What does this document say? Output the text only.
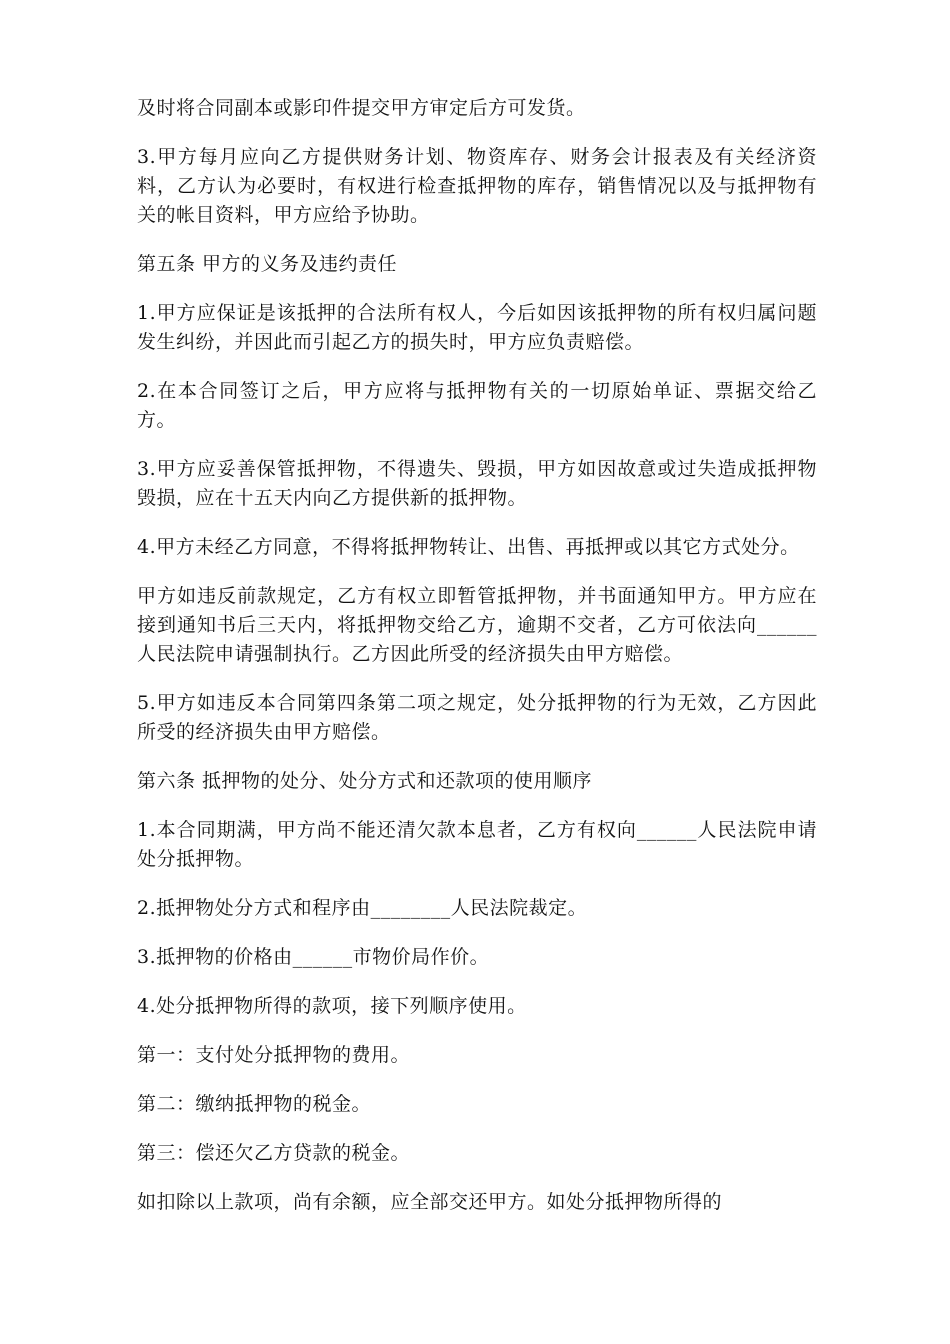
及时将合同副本或影印件提交甲方审定后方可发货。

3.甲方每月应向乙方提供财务计划、物资库存、财务会计报表及有关经济资料，乙方认为必要时，有权进行检查抵押物的库存，销售情况以及与抵押物有关的帐目资料，甲方应给予协助。

第五条 甲方的义务及违约责任

1.甲方应保证是该抵押的合法所有权人，今后如因该抵押物的所有权归属问题发生纠纷，并因此而引起乙方的损失时，甲方应负责赔偿。

2.在本合同签订之后，甲方应将与抵押物有关的一切原始单证、票据交给乙方。

3.甲方应妥善保管抵押物，不得遗失、毁损，甲方如因故意或过失造成抵押物毁损，应在十五天内向乙方提供新的抵押物。

4.甲方未经乙方同意，不得将抵押物转让、出售、再抵押或以其它方式处分。

甲方如违反前款规定，乙方有权立即暂管抵押物，并书面通知甲方。甲方应在接到通知书后三天内，将抵押物交给乙方，逾期不交者，乙方可依法向______人民法院申请强制执行。乙方因此所受的经济损失由甲方赔偿。

5.甲方如违反本合同第四条第二项之规定，处分抵押物的行为无效，乙方因此所受的经济损失由甲方赔偿。

第六条 抵押物的处分、处分方式和还款项的使用顺序

1.本合同期满，甲方尚不能还清欠款本息者，乙方有权向______人民法院申请处分抵押物。

2.抵押物处分方式和程序由________人民法院裁定。

3.抵押物的价格由______市物价局作价。

4.处分抵押物所得的款项，接下列顺序使用。

第一：支付处分抵押物的费用。

第二：缴纳抵押物的税金。

第三：偿还欠乙方贷款的税金。

如扣除以上款项，尚有余额，应全部交还甲方。如处分抵押物所得的
